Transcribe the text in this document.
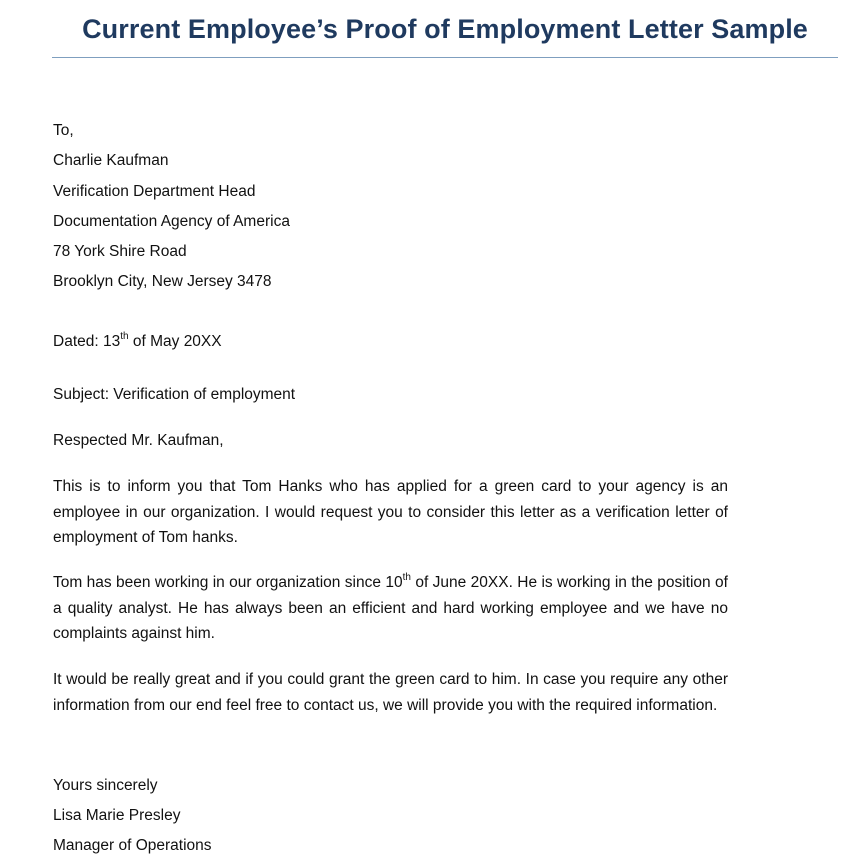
Current Employee’s Proof of Employment Letter Sample
To,
Charlie Kaufman
Verification Department Head
Documentation Agency of America
78 York Shire Road
Brooklyn City, New Jersey 3478
Dated: 13th of May 20XX
Subject: Verification of employment
Respected Mr. Kaufman,
This is to inform you that Tom Hanks who has applied for a green card to your agency is an employee in our organization. I would request you to consider this letter as a verification letter of employment of Tom hanks.
Tom has been working in our organization since 10th of June 20XX. He is working in the position of a quality analyst. He has always been an efficient and hard working employee and we have no complaints against him.
It would be really great and if you could grant the green card to him. In case you require any other information from our end feel free to contact us, we will provide you with the required information.
Yours sincerely
Lisa Marie Presley
Manager of Operations
